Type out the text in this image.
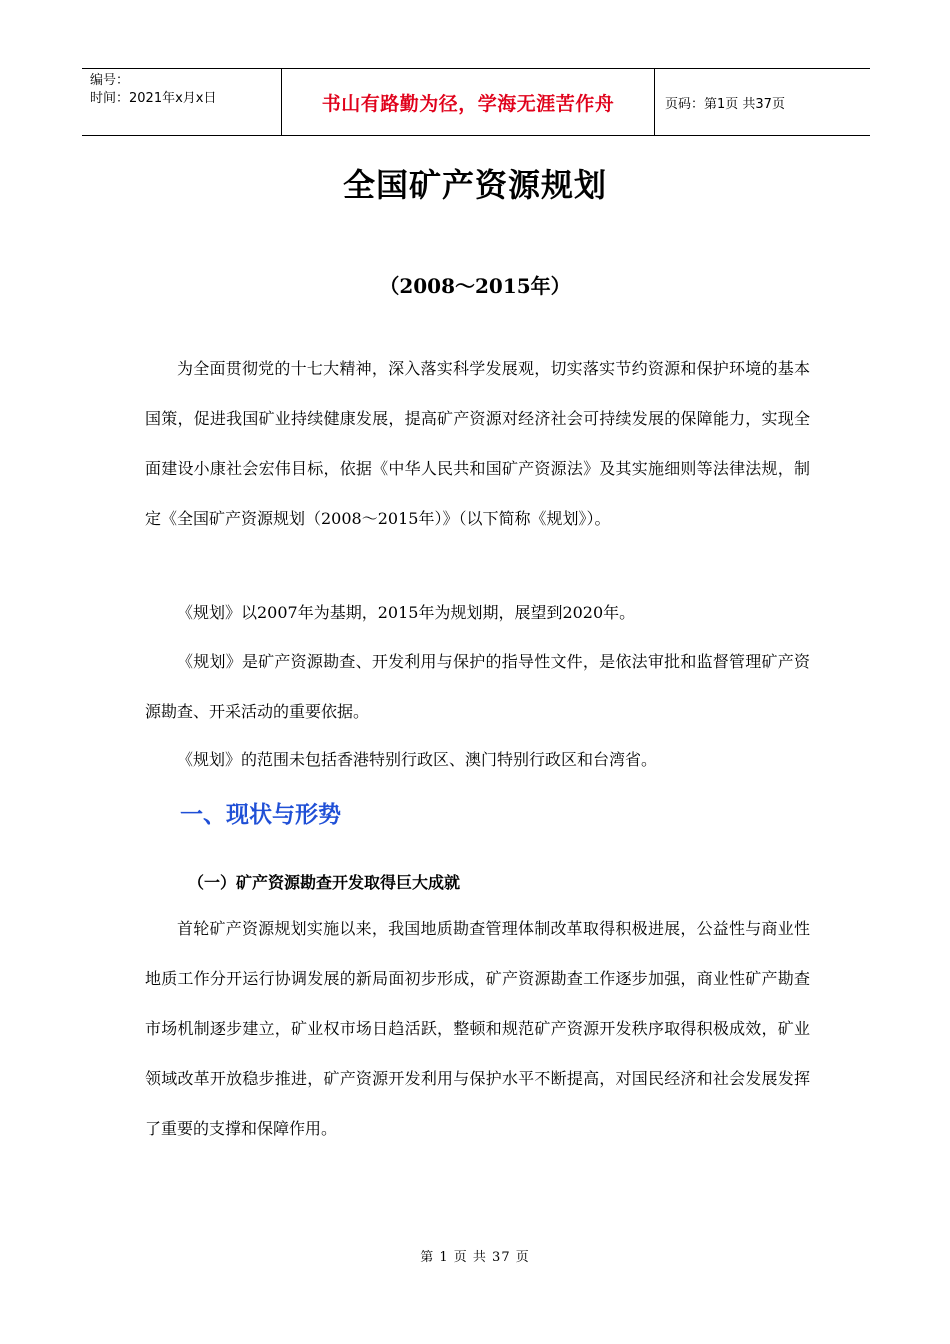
编号：
时间：2021年x月x日	书山有路勤为径，学海无涯苦作舟	页码：第1页 共37页
全国矿产资源规划
（2008～2015年）

为全面贯彻党的十七大精神，深入落实科学发展观，切实落实节约资源和保护环境的基本国策，促进我国矿业持续健康发展，提高矿产资源对经济社会可持续发展的保障能力，实现全面建设小康社会宏伟目标，依据《中华人民共和国矿产资源法》及其实施细则等法律法规，制定《全国矿产资源规划（2008～2015年）》（以下简称《规划》）。

《规划》以2007年为基期，2015年为规划期，展望到2020年。

《规划》是矿产资源勘查、开发利用与保护的指导性文件，是依法审批和监督管理矿产资源勘查、开采活动的重要依据。

《规划》的范围未包括香港特别行政区、澳门特别行政区和台湾省。

一、现状与形势
（一）矿产资源勘查开发取得巨大成就

首轮矿产资源规划实施以来，我国地质勘查管理体制改革取得积极进展，公益性与商业性地质工作分开运行协调发展的新局面初步形成，矿产资源勘查工作逐步加强，商业性矿产勘查市场机制逐步建立，矿业权市场日趋活跃，整顿和规范矿产资源开发秩序取得积极成效，矿业领域改革开放稳步推进，矿产资源开发利用与保护水平不断提高，对国民经济和社会发展发挥了重要的支撑和保障作用。

第 1 页 共 37 页
